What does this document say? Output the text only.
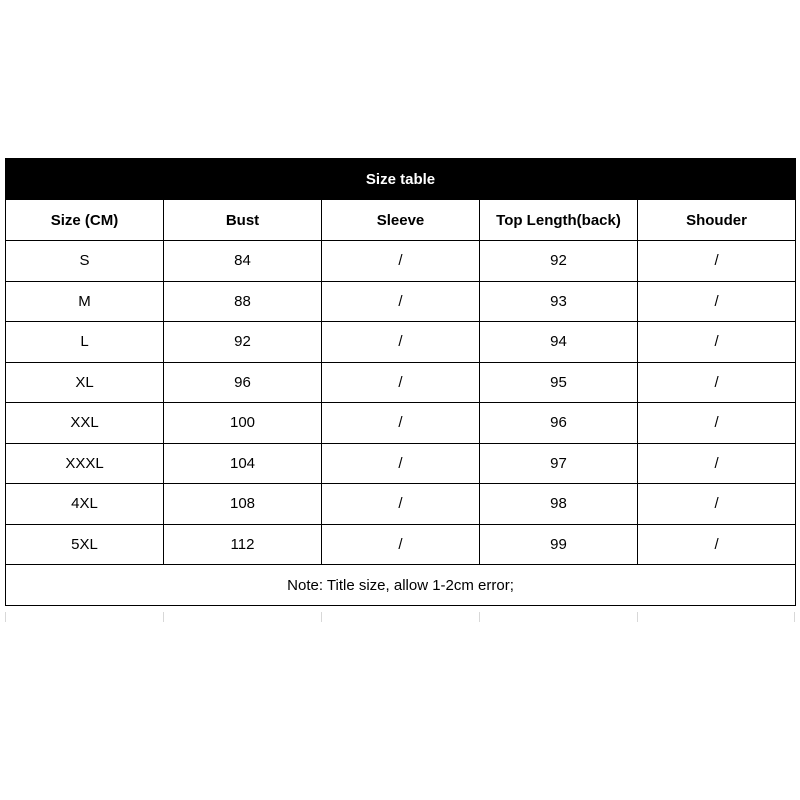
Size table				
Size (CM)	Bust	Sleeve	Top Length(back)	Shouder
S	84	/	92	/
M	88	/	93	/
L	92	/	94	/
XL	96	/	95	/
XXL	100	/	96	/
XXXL	104	/	97	/
4XL	108	/	98	/
5XL	112	/	99	/
Note: Title size, allow 1-2cm error;				
